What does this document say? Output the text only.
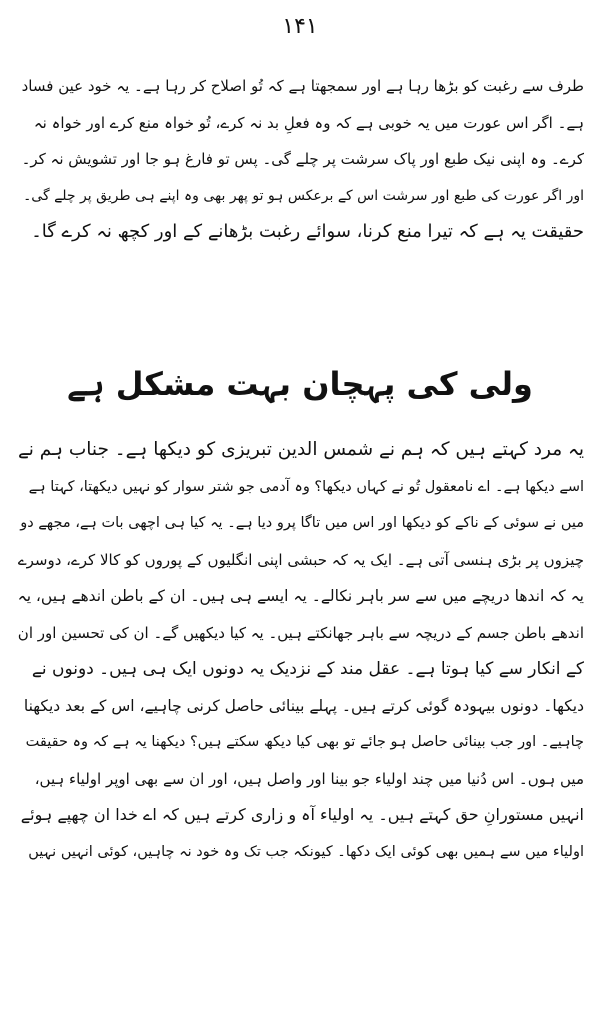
۱۴۱
طرف سے رغبت کو بڑھا رہا ہے اور سمجھتا ہے کہ تُو اصلاح کر رہا ہے۔ یہ خود عین فساد
ہے۔ اگر اس عورت میں یہ خوبی ہے کہ وہ فعلِ بد نہ کرے، تُو خواہ منع کرے اور خواہ نہ
کرے۔ وہ اپنی نیک طبع اور پاک سرشت پر چلے گی۔ پس تو فارغ ہو جا اور تشویش نہ کر۔
اور اگر عورت کی طبع اور سرشت اس کے برعکس ہو تو پھر بھی وہ اپنے ہی طریق پر چلے گی۔
حقیقت یہ ہے کہ تیرا منع کرنا، سوائے رغبت بڑھانے کے اور کچھ نہ کرے گا۔
ولی کی پہچان بہت مشکل ہے
یہ مرد کہتے ہیں کہ ہم نے شمس الدین تبریزی کو دیکھا ہے۔ جناب ہم نے
اسے دیکھا ہے۔ اے نامعقول تُو نے کہاں دیکھا؟ وہ آدمی جو شتر سوار کو نہیں دیکھتا، کہتا ہے
میں نے سوئی کے ناکے کو دیکھا اور اس میں تاگا پرو دیا ہے۔ یہ کیا ہی اچھی بات ہے، مجھے دو
چیزوں پر بڑی ہنسی آتی ہے۔ ایک یہ کہ حبشی اپنی انگلیوں کے پوروں کو کالا کرے، دوسرے
یہ کہ اندھا دریچے میں سے سر باہر نکالے۔ یہ ایسے ہی ہیں۔ ان کے باطن اندھے ہیں، یہ
اندھے باطن جسم کے دریچہ سے باہر جھانکتے ہیں۔ یہ کیا دیکھیں گے۔ ان کی تحسین اور ان
کے انکار سے کیا ہوتا ہے۔ عقل مند کے نزدیک یہ دونوں ایک ہی ہیں۔ دونوں نے
دیکھا۔ دونوں بیہودہ گوئی کرتے ہیں۔ پہلے بینائی حاصل کرنی چاہیے، اس کے بعد دیکھنا
چاہیے۔ اور جب بینائی حاصل ہو جائے تو بھی کیا دیکھ سکتے ہیں؟ دیکھنا یہ ہے کہ وہ حقیقت
میں ہوں۔ اس دُنیا میں چند اولیاء جو بینا اور واصل ہیں، اور ان سے بھی اوپر اولیاء ہیں،
انہیں مستورانِ حق کہتے ہیں۔ یہ اولیاء آہ و زاری کرتے ہیں کہ اے خدا ان چھپے ہوئے
اولیاء میں سے ہمیں بھی کوئی ایک دکھا۔ کیونکہ جب تک وہ خود نہ چاہیں، کوئی انہیں نہیں
